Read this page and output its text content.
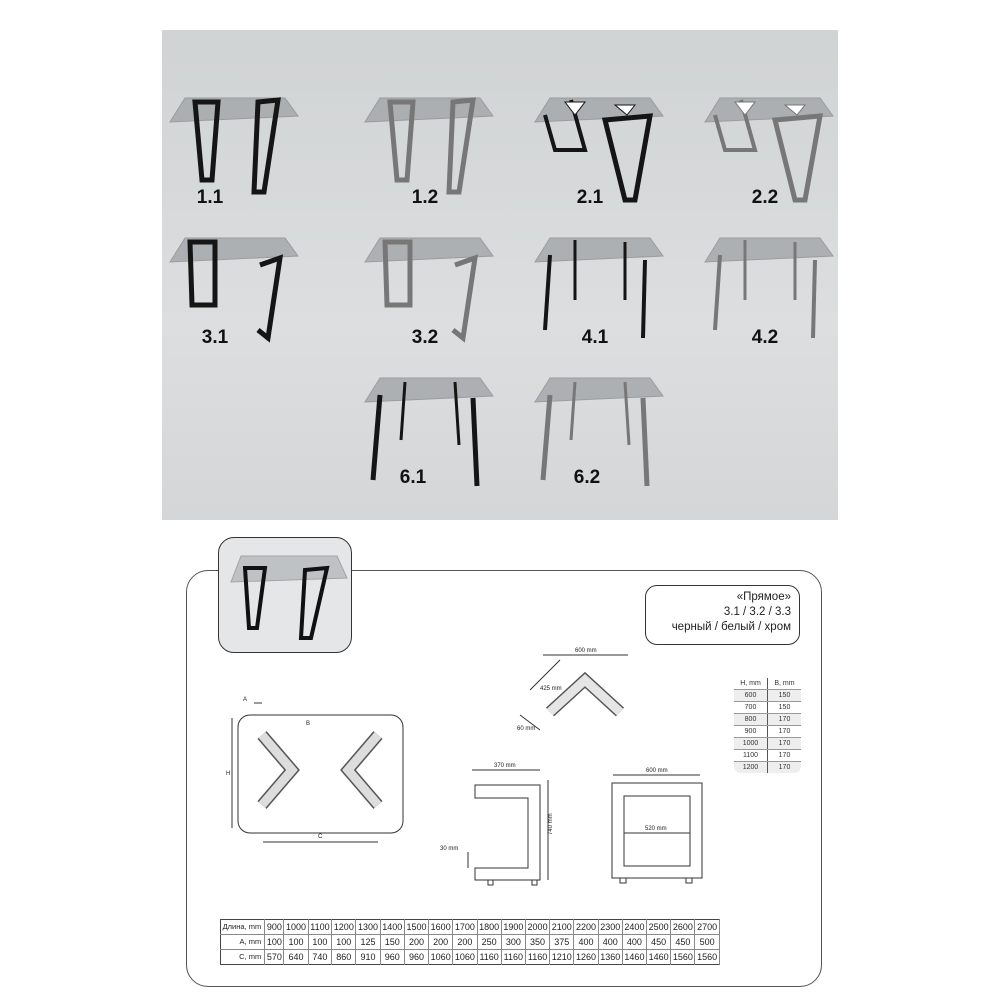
1.1	1.2	2.1	2.2
3.1	3.2	4.1	4.2
6.1	6.2
«Прямое»
3.1 / 3.2 / 3.3
черный / белый / хром
A
B
H
C
600 mm
425 mm
60 mm
370 mm
740 mm
30 mm
600 mm
520 mm
H, mm	B, mm
600	150
700	150
800	170
900	170
1000	170
1100	170
1200	170
Длина, mm	900	1000	1100	1200	1300	1400	1500	1600	1700	1800	1900	2000	2100	2200	2300	2400	2500	2600	2700
A, mm	100	100	100	100	125	150	200	200	200	250	300	350	375	400	400	400	450	450	500
C, mm	570	640	740	860	910	960	960	1060	1060	1160	1160	1160	1210	1260	1360	1460	1460	1560	1560
